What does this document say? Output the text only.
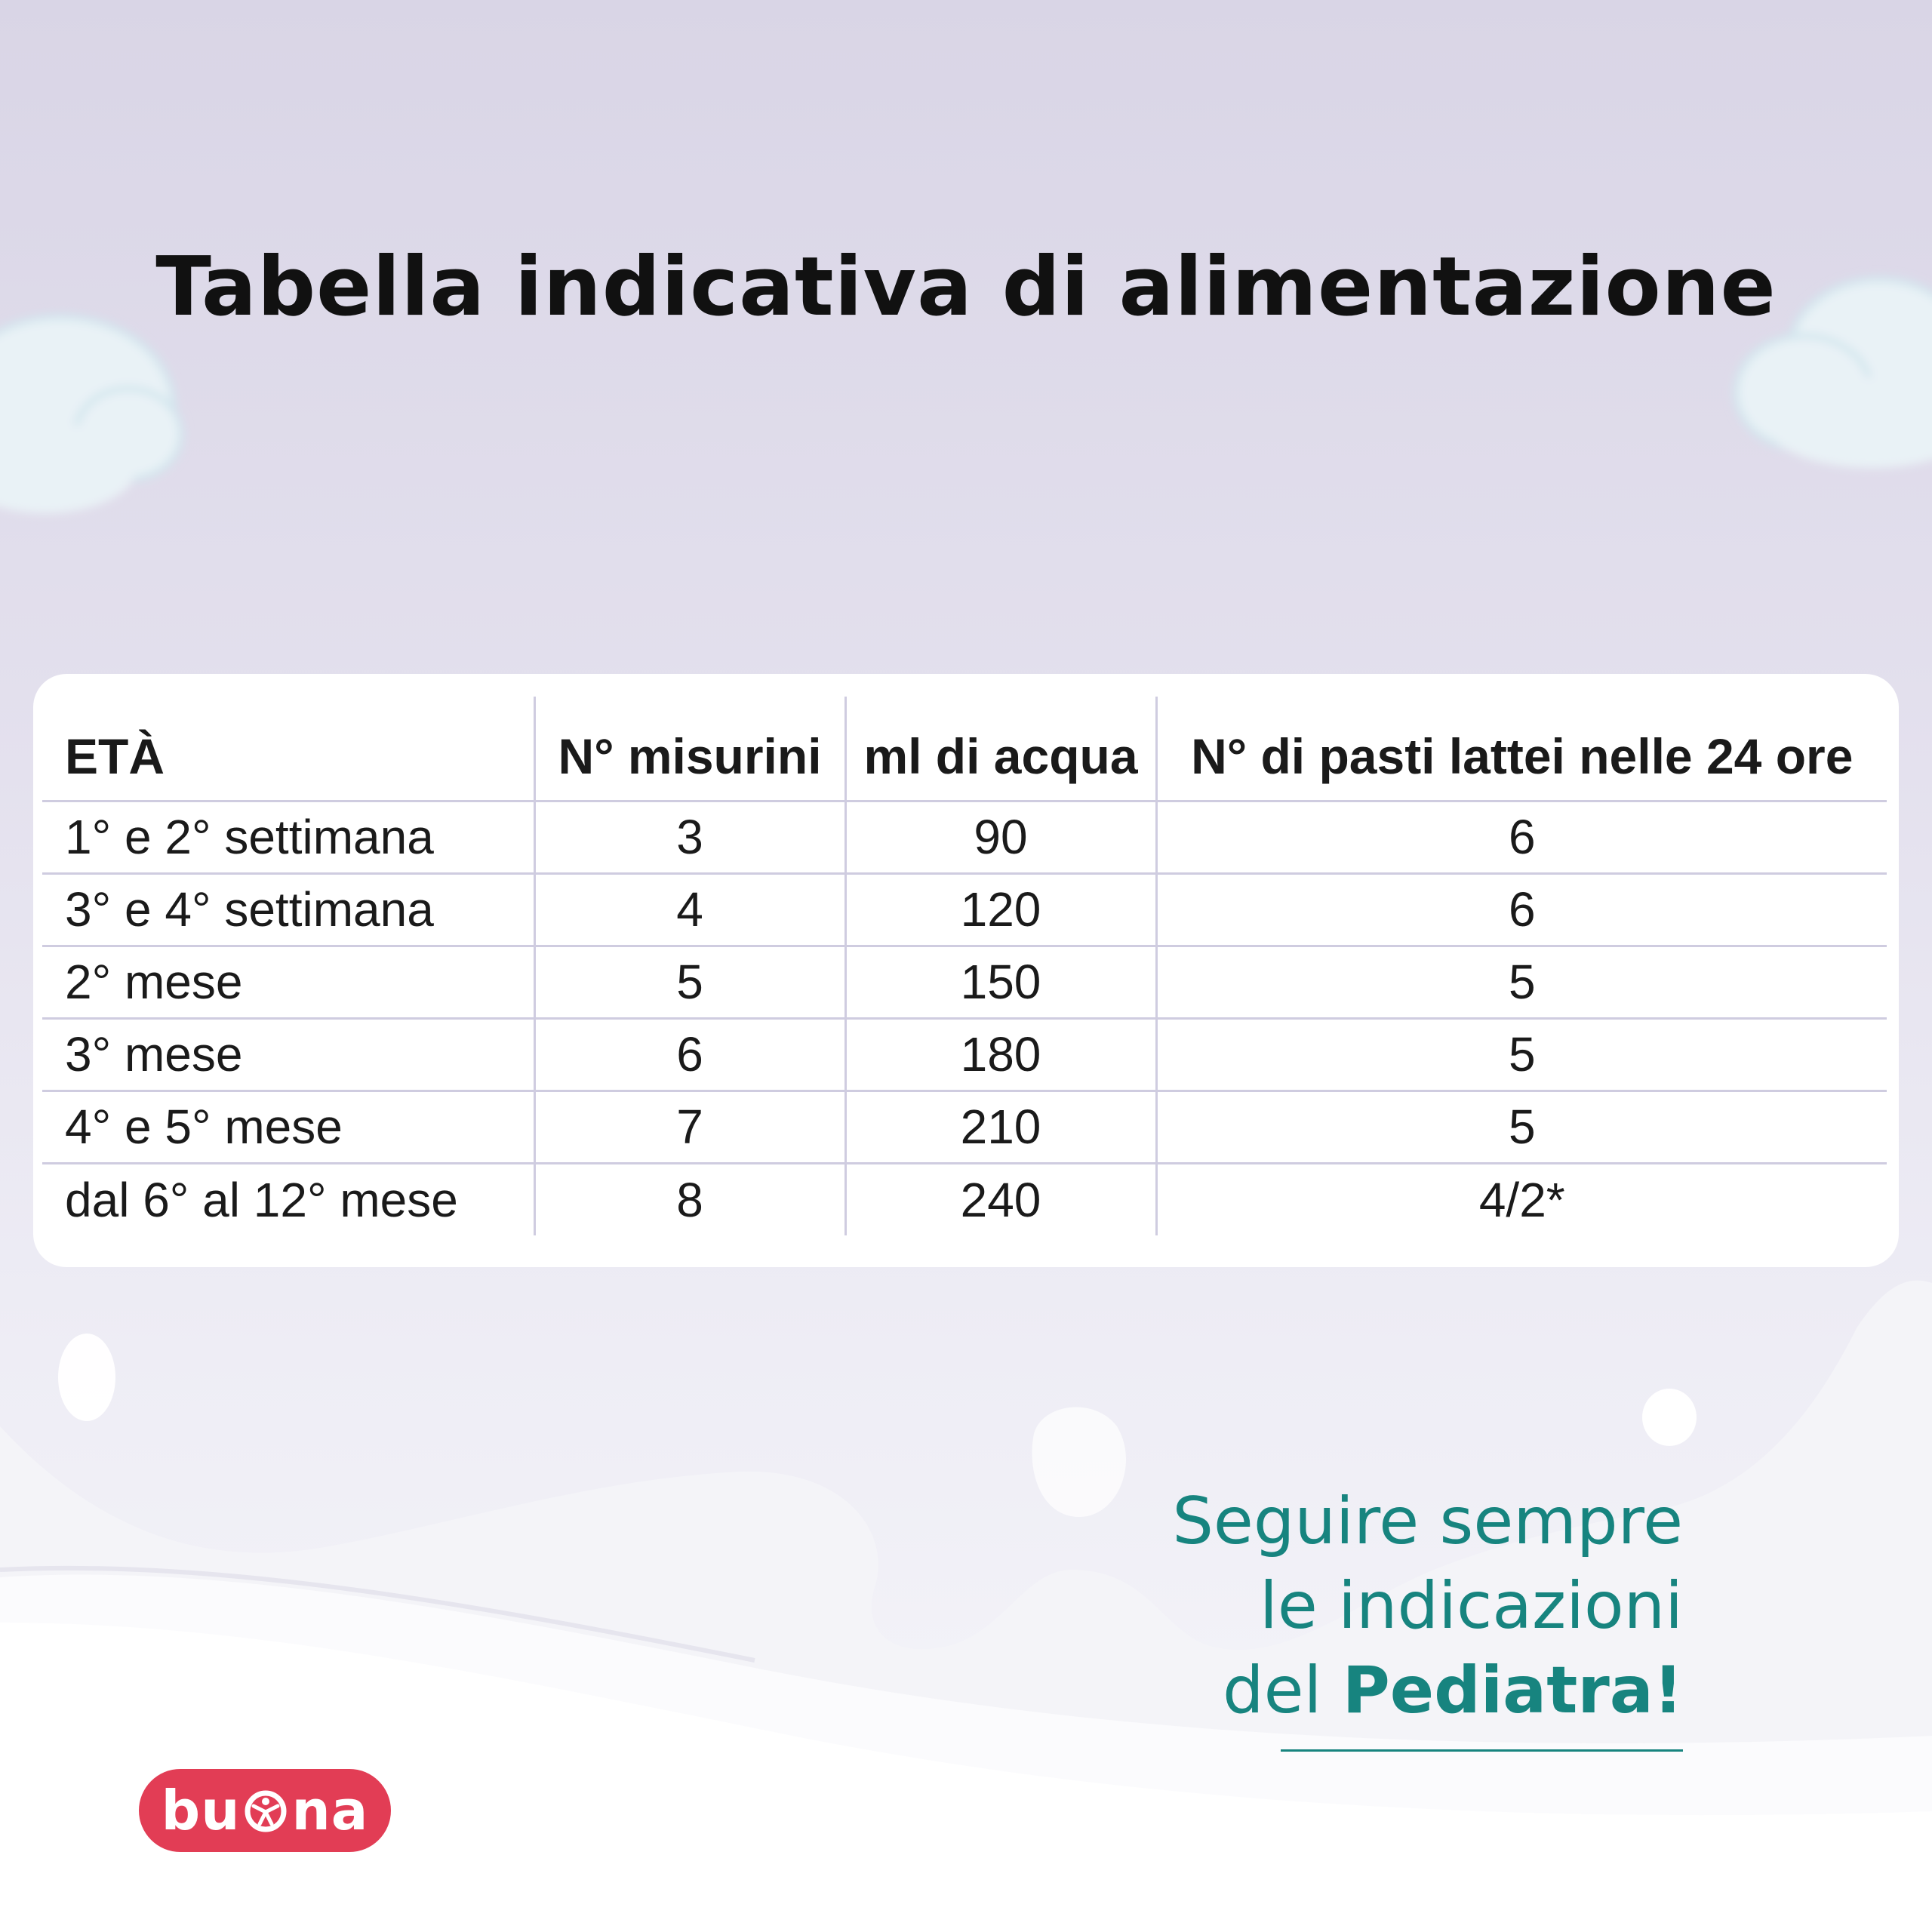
Tabella indicativa di alimentazione
ETÀ	N° misurini	ml di acqua	N° di pasti lattei nelle 24 ore
1° e 2° settimana	3	90	6
3° e 4° settimana	4	120	6
2° mese	5	150	5
3° mese	6	180	5
4° e 5° mese	7	210	5
dal 6° al 12° mese	8	240	4/2*
Seguire sempre
le indicazioni
del Pediatra!
bu na
